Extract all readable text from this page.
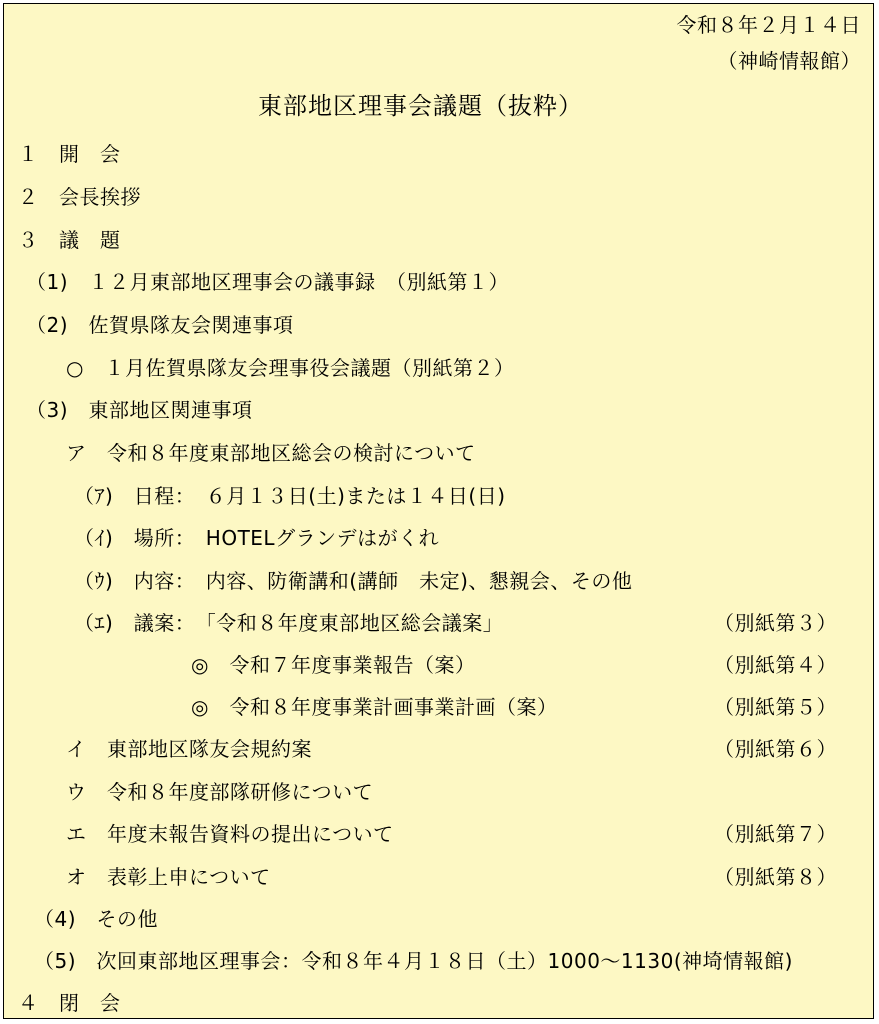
令和８年２月１４日
（神崎情報館）
東部地区理事会議題（抜粋）
１　開　会
２　会長挨拶
３　議　題
（1)　１２月東部地区理事会の議事録　（別紙第１）
（2)　佐賀県隊友会関連事項
○　１月佐賀県隊友会理事役会議題（別紙第２）
（3)　東部地区関連事項
ア　令和８年度東部地区総会の検討について
（ｱ)　日程：　６月１３日(土)または１４日(日)
（ｲ)　場所：　HOTELグランデはがくれ
（ｳ)　内容：　内容、防衛講和(講師　未定)、懇親会、その他
（ｴ)　議案：　「令和８年度東部地区総会議案」	（別紙第３）
◎　令和７年度事業報告（案）	（別紙第４）
◎　令和８年度事業計画事業計画（案）	（別紙第５）
イ　東部地区隊友会規約案	（別紙第６）
ウ　令和８年度部隊研修について
エ　年度末報告資料の提出について	（別紙第７）
オ　表彰上申について	（別紙第８）
（4)　その他
（5)　次回東部地区理事会：令和８年４月１８日（土）1000～1130(神埼情報館)
４　閉　会
